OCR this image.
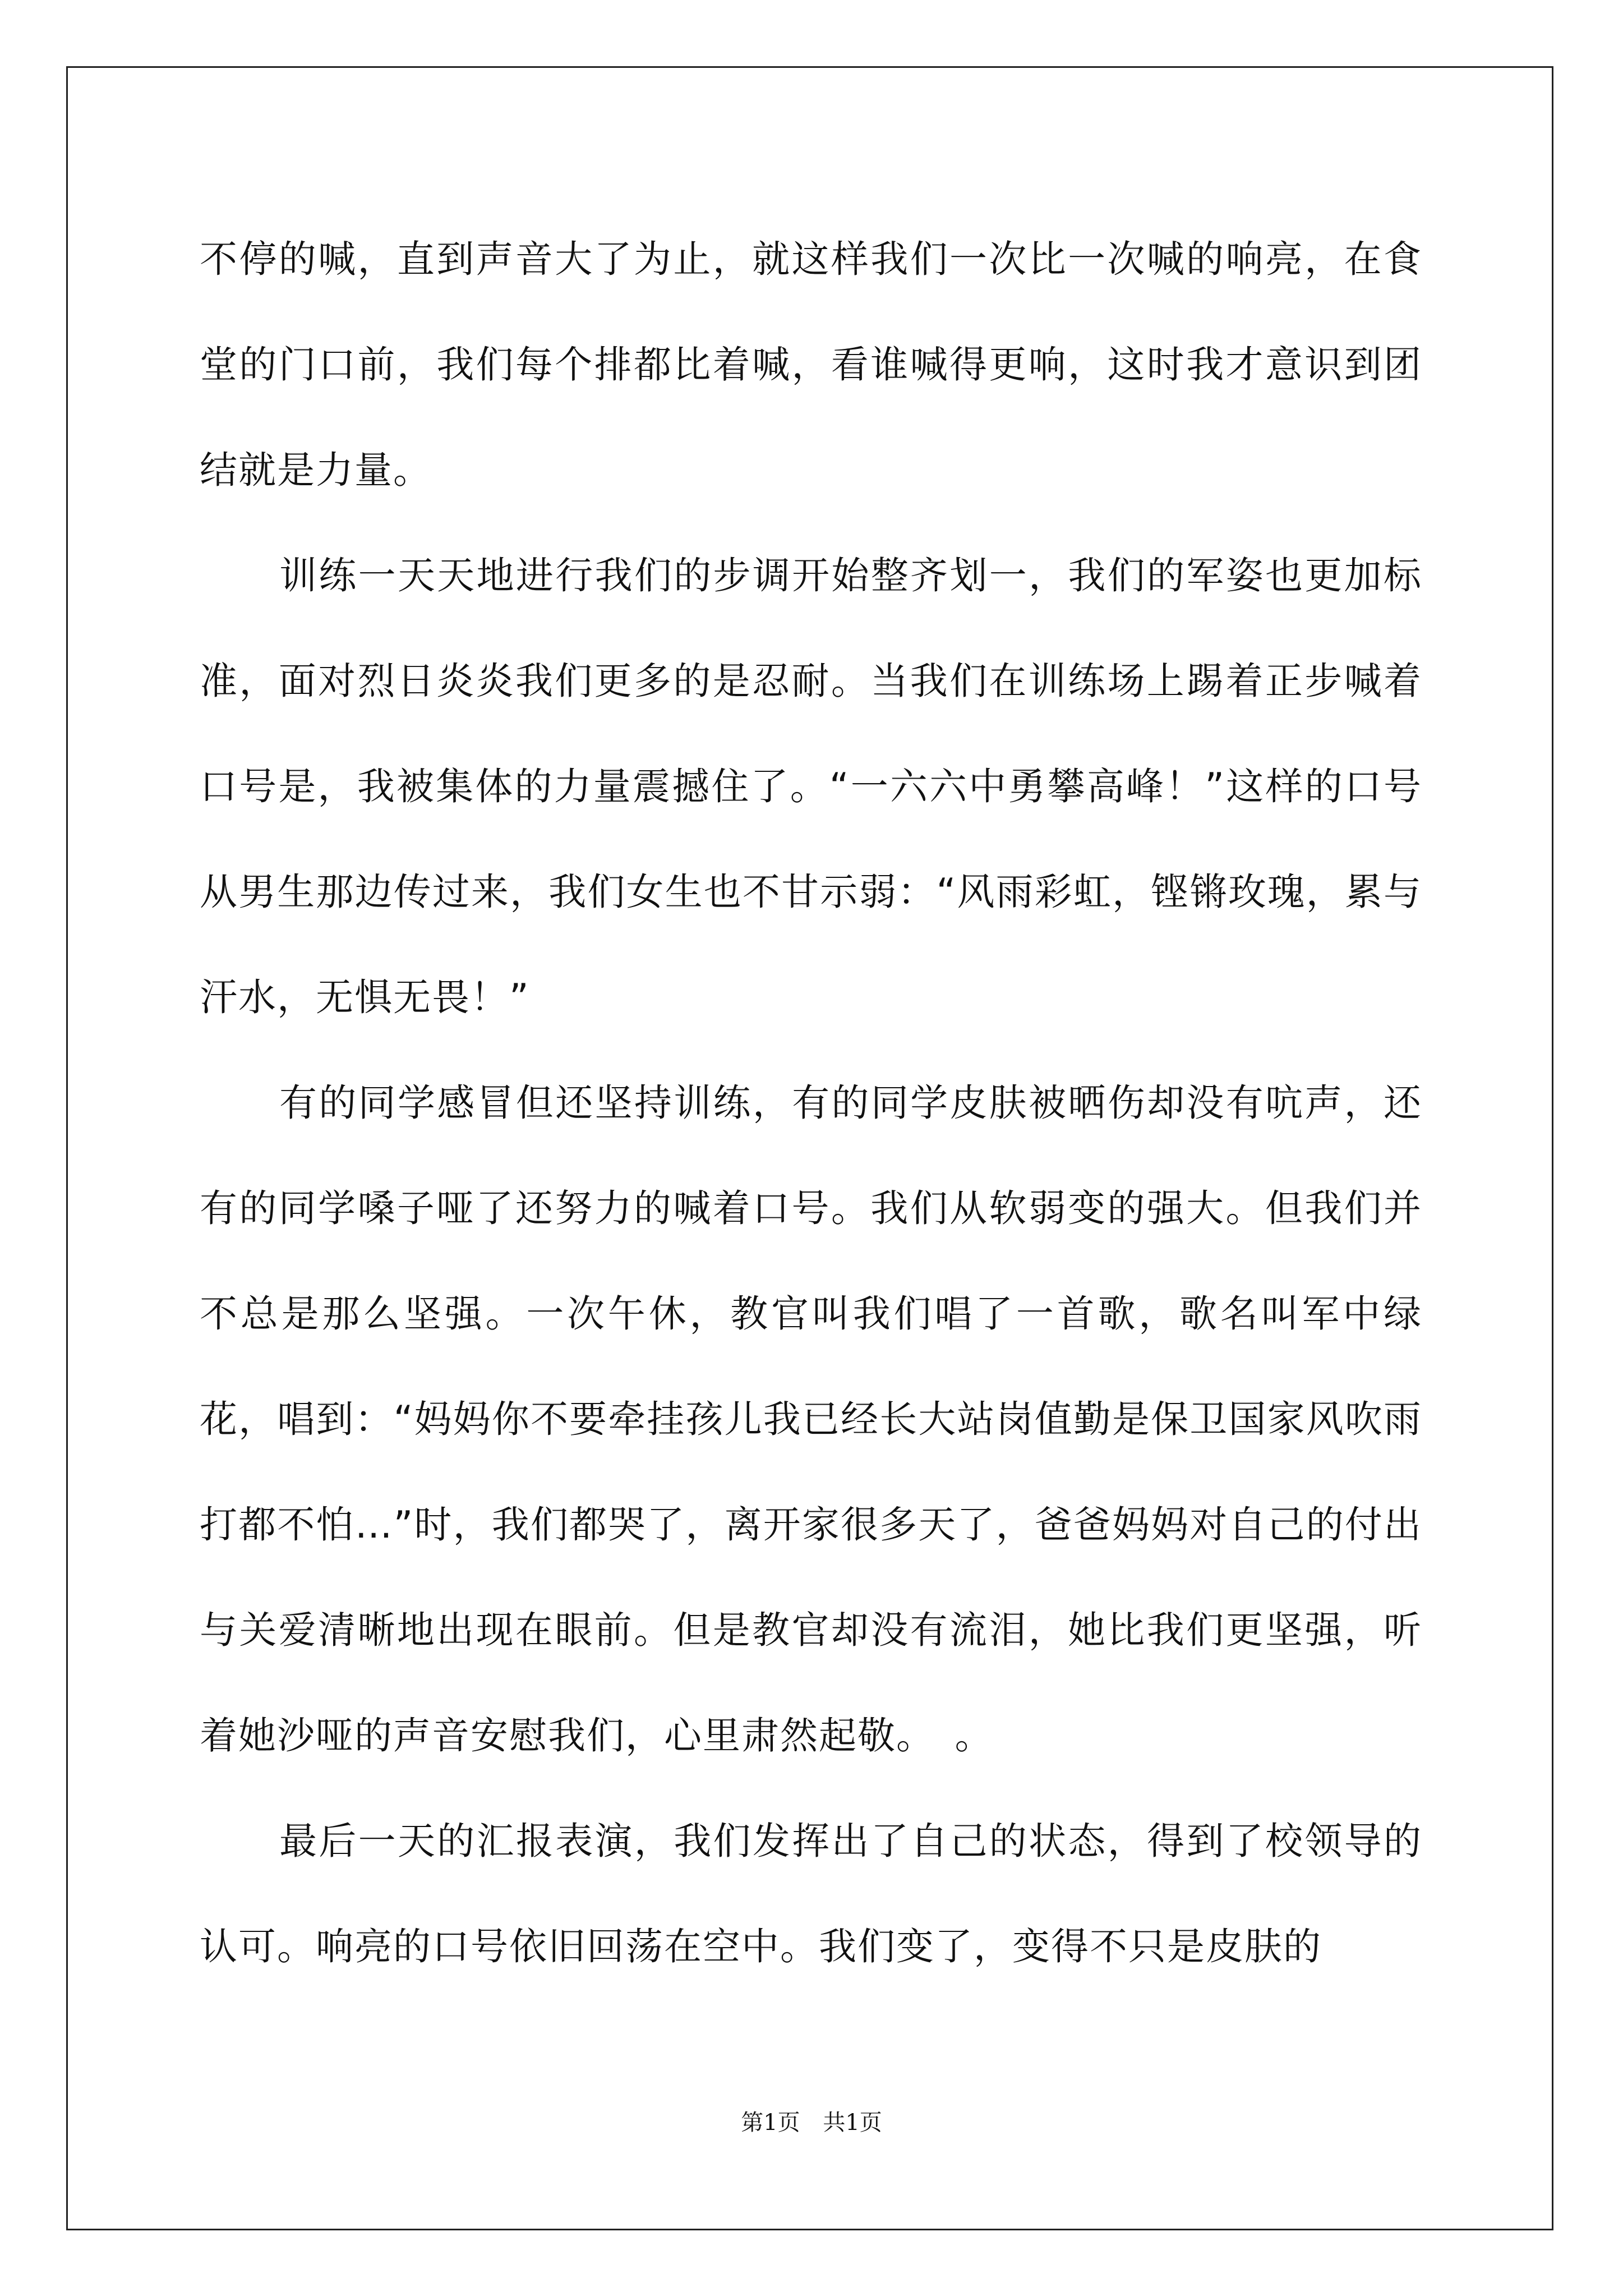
不停的喊，直到声音大了为止，就这样我们一次比一次喊的响亮，在食堂的门口前，我们每个排都比着喊，看谁喊得更响，这时我才意识到团结就是力量。

训练一天天地进行我们的步调开始整齐划一，我们的军姿也更加标准，面对烈日炎炎我们更多的是忍耐。当我们在训练场上踢着正步喊着口号是，我被集体的力量震撼住了。“一六六中勇攀高峰！”这样的口号从男生那边传过来，我们女生也不甘示弱：“风雨彩虹，铿锵玫瑰，累与汗水，无惧无畏！”

有的同学感冒但还坚持训练，有的同学皮肤被晒伤却没有吭声，还有的同学嗓子哑了还努力的喊着口号。我们从软弱变的强大。但我们并不总是那么坚强。一次午休，教官叫我们唱了一首歌，歌名叫军中绿花，唱到：“妈妈你不要牵挂孩儿我已经长大站岗值勤是保卫国家风吹雨打都不怕…”时，我们都哭了，离开家很多天了，爸爸妈妈对自己的付出与关爱清晰地出现在眼前。但是教官却没有流泪，她比我们更坚强，听着她沙哑的声音安慰我们，心里肃然起敬。　。

最后一天的汇报表演，我们发挥出了自己的状态，得到了校领导的认可。响亮的口号依旧回荡在空中。我们变了，变得不只是皮肤的

第1页 共1页
